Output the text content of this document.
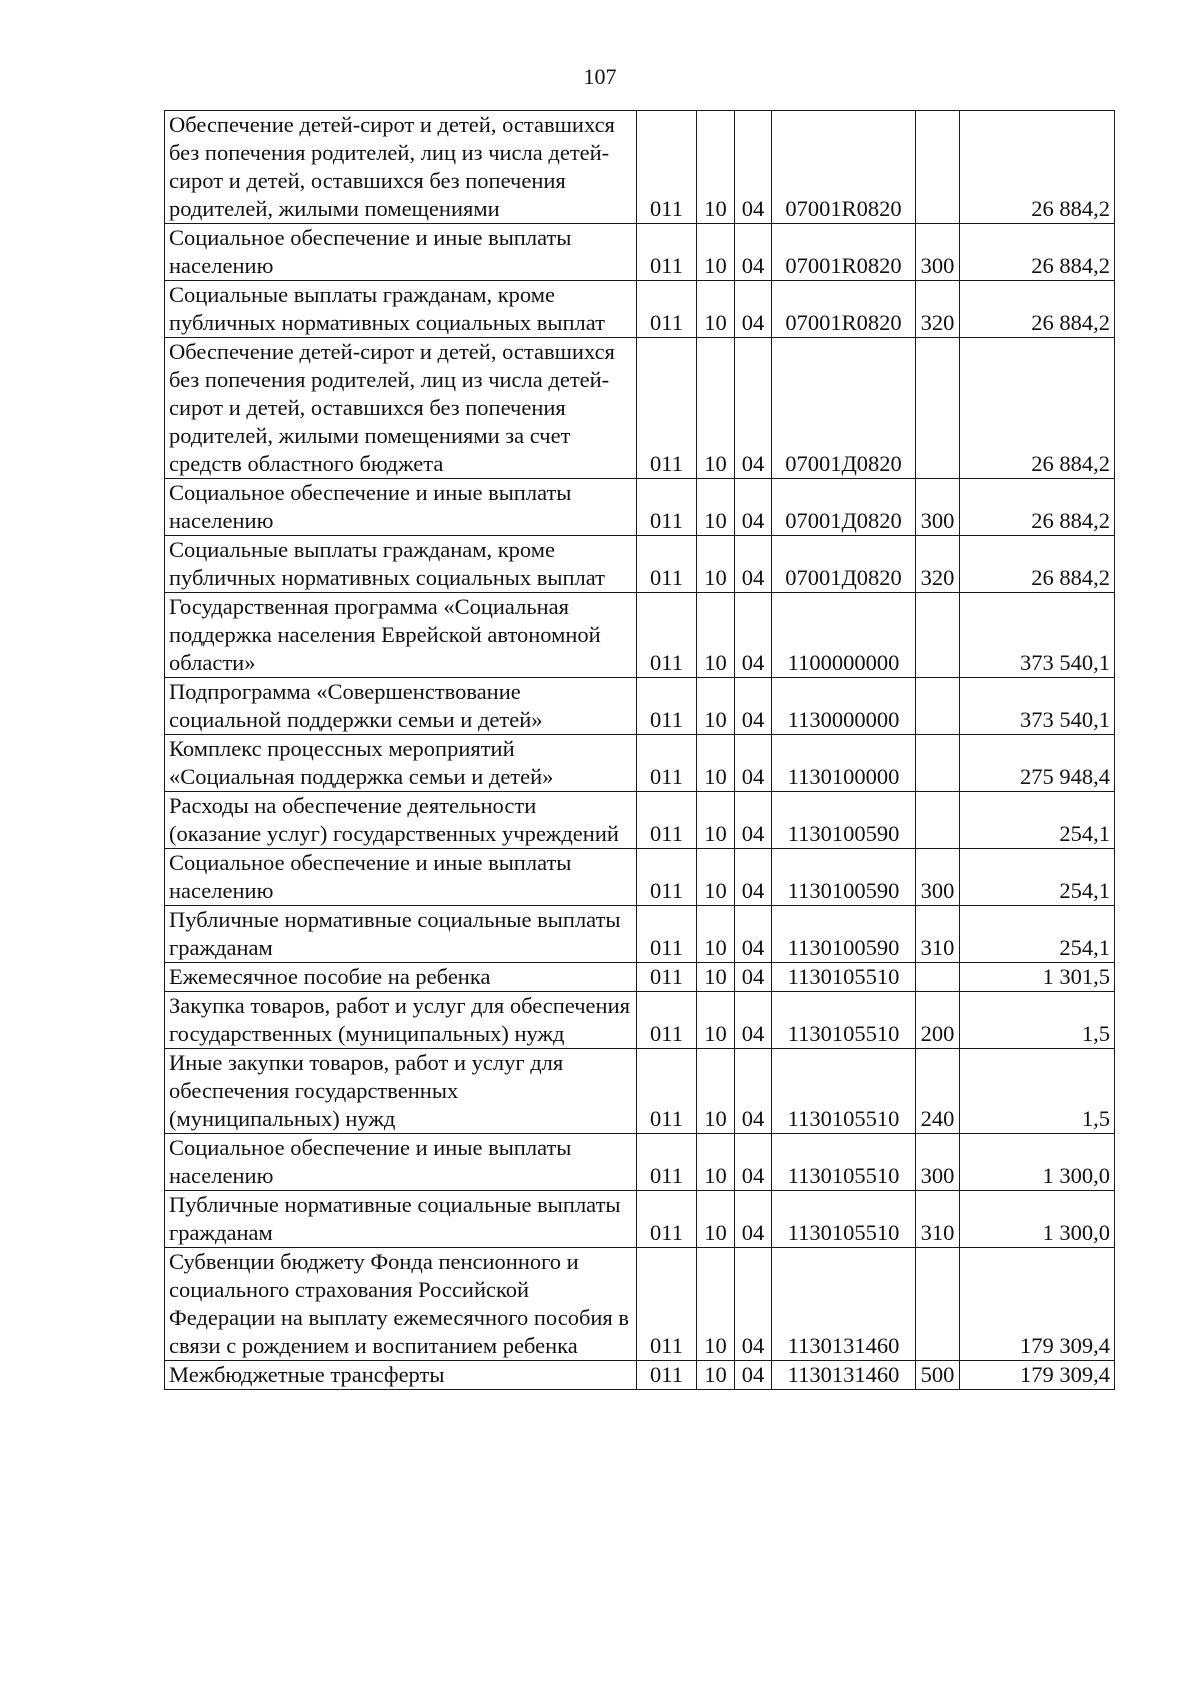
107
Обеспечение детей-сирот и детей, оставшихся без попечения родителей, лиц из числа детей-сирот и детей, оставшихся без попечения родителей, жилыми помещениями	011	10	04	07001R0820		26 884,2
Социальное обеспечение и иные выплаты населению	011	10	04	07001R0820	300	26 884,2
Социальные выплаты гражданам, кроме публичных нормативных социальных выплат	011	10	04	07001R0820	320	26 884,2
Обеспечение детей-сирот и детей, оставшихся без попечения родителей, лиц из числа детей-сирот и детей, оставшихся без попечения родителей, жилыми помещениями за счет средств областного бюджета	011	10	04	07001Д0820		26 884,2
Социальное обеспечение и иные выплаты населению	011	10	04	07001Д0820	300	26 884,2
Социальные выплаты гражданам, кроме публичных нормативных социальных выплат	011	10	04	07001Д0820	320	26 884,2
Государственная программа «Социальная поддержка населения Еврейской автономной области»	011	10	04	1100000000		373 540,1
Подпрограмма «Совершенствование социальной поддержки семьи и детей»	011	10	04	1130000000		373 540,1
Комплекс процессных мероприятий «Социальная поддержка семьи и детей»	011	10	04	1130100000		275 948,4
Расходы на обеспечение деятельности (оказание услуг) государственных учреждений	011	10	04	1130100590		254,1
Социальное обеспечение и иные выплаты населению	011	10	04	1130100590	300	254,1
Публичные нормативные социальные выплаты гражданам	011	10	04	1130100590	310	254,1
Ежемесячное пособие на ребенка	011	10	04	1130105510		1 301,5
Закупка товаров, работ и услуг для обеспечения государственных (муниципальных) нужд	011	10	04	1130105510	200	1,5
Иные закупки товаров, работ и услуг для обеспечения государственных (муниципальных) нужд	011	10	04	1130105510	240	1,5
Социальное обеспечение и иные выплаты населению	011	10	04	1130105510	300	1 300,0
Публичные нормативные социальные выплаты гражданам	011	10	04	1130105510	310	1 300,0
Субвенции бюджету Фонда пенсионного и социального страхования Российской Федерации на выплату ежемесячного пособия в связи с рождением и воспитанием ребенка	011	10	04	1130131460		179 309,4
Межбюджетные трансферты	011	10	04	1130131460	500	179 309,4
